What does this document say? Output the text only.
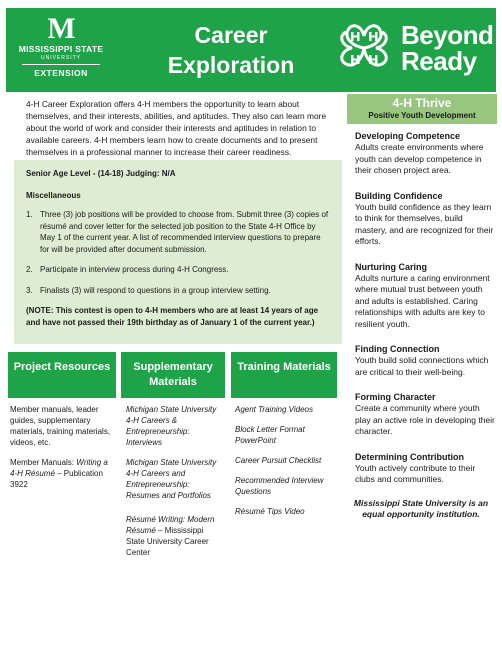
M
MISSISSIPPI STATE
UNIVERSITY
EXTENSION
Career
Exploration
Beyond
Ready

4-H Career Exploration offers 4-H members the opportunity to learn about themselves, and their interests, abilities, and aptitudes. They also can learn more about the world of work and consider their interests and aptitudes in relation to available careers. 4-H members learn how to create documents and to present themselves in a professional manner to increase their career readiness.

Senior Age Level - (14-18) Judging: N/A
Miscellaneous
1. Three (3) job positions will be provided to choose from. Submit three (3) copies of résumé and cover letter for the selected job position to the State 4-H Office by May 1 of the current year. A list of recommended interview questions to prepare for will be provided after document submission.
2. Participate in interview process during 4-H Congress.
3. Finalists (3) will respond to questions in a group interview setting.
(NOTE: This contest is open to 4-H members who are at least 14 years of age and have not passed their 19th birthday as of January 1 of the current year.)
Project Resources

Member manuals, leader guides, supplementary materials, training materials, videos, etc.

Member Manuals: Writing a 4-H Résumé – Publication 3922

Supplementary Materials

Michigan State University 4-H Careers & Entrepreneurship: Interviews

Michigan State University 4-H Careers and Entrepreneurship: Resumes and Portfolios

Résumé Writing: Modern Résumé – Mississippi State University Career Center

Training Materials

Agent Training Videos

Block Letter Format PowerPoint

Career Pursuit Checklist

Recommended Interview Questions

Résumé Tips Video

4-H Thrive
Positive Youth Development
Developing Competence

Adults create environments where youth can develop competence in their chosen project area.

Building Confidence

Youth build confidence as they learn to think for themselves, build mastery, and are recognized for their efforts.

Nurturing Caring

Adults nurture a caring environment where mutual trust between youth and adults is established. Caring relationships with adults are key to resilient youth.

Finding Connection

Youth build solid connections which are critical to their well-being.

Forming Character

Create a community where youth play an active role in developing their character.

Determining Contribution

Youth actively contribute to their clubs and communities.

Mississippi State University is an equal opportunity institution.
